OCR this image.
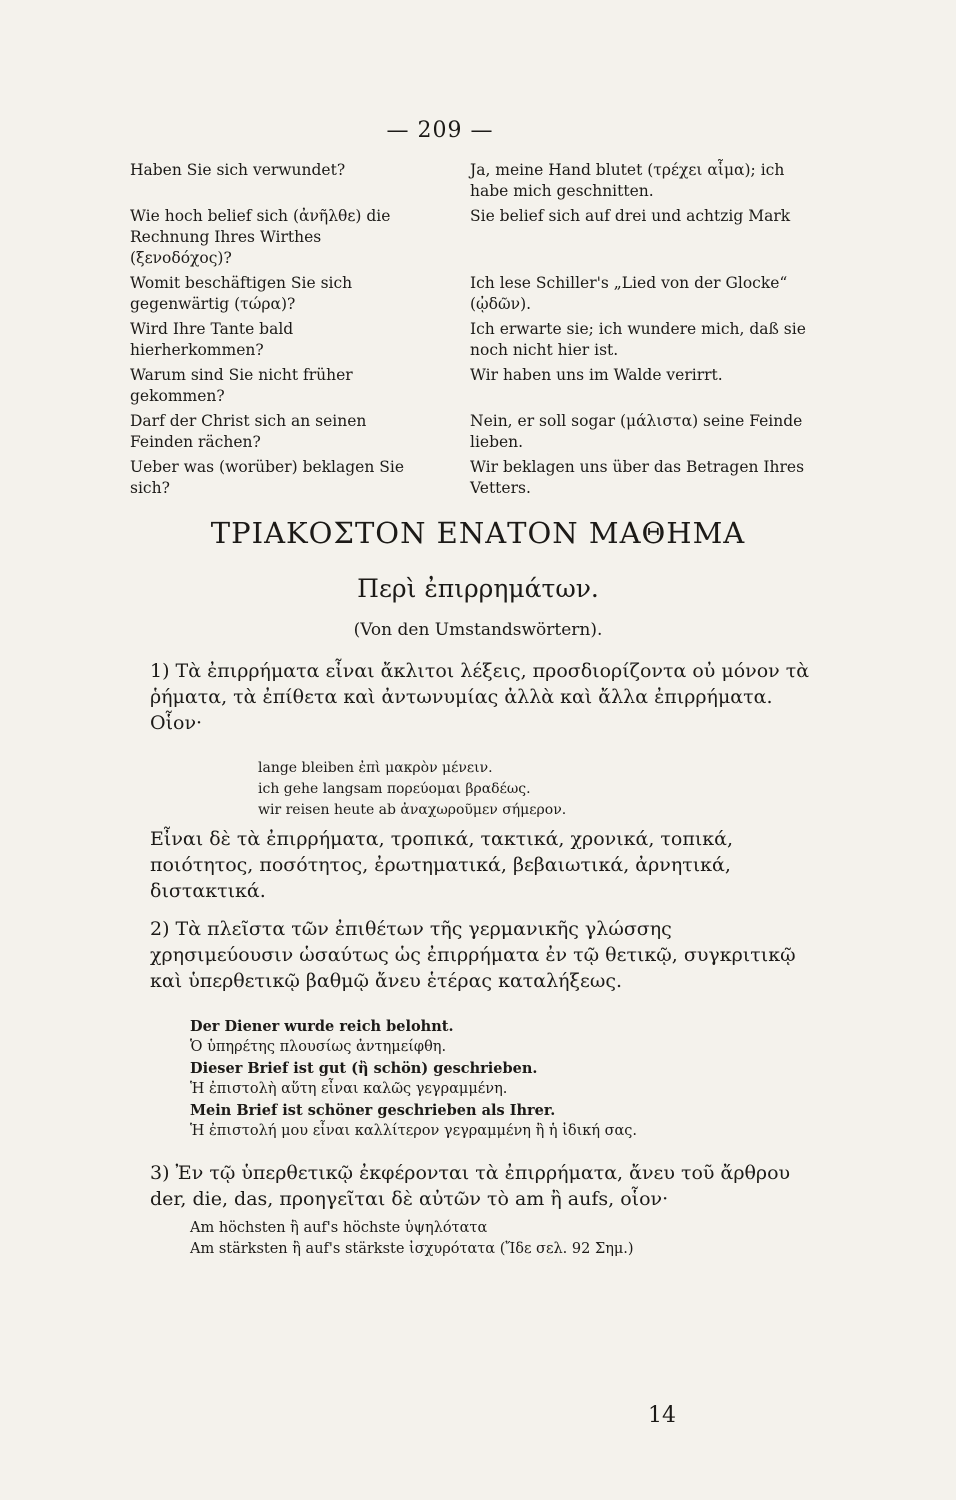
— 209 —
Haben Sie sich verwundet?	Ja, meine Hand blutet (τρέχει αἷμα); ich habe mich geschnitten.
Wie hoch belief sich (ἀνῆλθε) die Rechnung Ihres Wirthes (ξενοδόχος)?
Sie belief sich auf drei und achtzig Mark
Womit beschäftigen Sie sich gegenwärtig (τώρα)?
Ich lese Schiller's „Lied von der Glocke“ (ᾠδῶν).
Wird Ihre Tante bald hierherkommen?
Ich erwarte sie; ich wundere mich, daß sie noch nicht hier ist.
Warum sind Sie nicht früher gekommen?
Wir haben uns im Walde verirrt.
Darf der Christ sich an seinen Feinden rächen?
Nein, er soll sogar (μάλιστα) seine Feinde lieben.
Ueber was (worüber) beklagen Sie sich?
Wir beklagen uns über das Betragen Ihres Vetters.
ΤΡΙΑΚΟΣΤΟΝ ΕΝΑΤΟΝ ΜΑΘΗΜΑ
Περὶ ἐπιρρημάτων.
(Von den Umstandswörtern).

1) Τὰ ἐπιρρήματα εἶναι ἄκλιτοι λέξεις, προσδιορίζοντα οὐ μόνον τὰ ῥήματα, τὰ ἐπίθετα καὶ ἀντωνυμίας ἀλλὰ καὶ ἄλλα ἐπιρρήματα. Οἷον·

lange bleiben ἐπὶ μακρὸν μένειν.
ich gehe langsam πορεύομαι βραδέως.
wir reisen heute ab ἀναχωροῦμεν σήμερον.

Εἶναι δὲ τὰ ἐπιρρήματα, τροπικά, τακτικά, χρονικά, τοπικά, ποιότητος, ποσότητος, ἐρωτηματικά, βεβαιωτικά, ἀρνητικά, διστακτικά.

2) Τὰ πλεῖστα τῶν ἐπιθέτων τῆς γερμανικῆς γλώσσης χρησιμεύουσιν ὡσαύτως ὡς ἐπιρρήματα ἐν τῷ θετικῷ, συγκριτικῷ καὶ ὑπερθετικῷ βαθμῷ ἄνευ ἑτέρας καταλήξεως.

Der Diener wurde reich belohnt.
Ὁ ὑπηρέτης πλουσίως ἀντημείφθη.
Dieser Brief ist gut (ἢ schön) geschrieben.
Ἡ ἐπιστολὴ αὕτη εἶναι καλῶς γεγραμμένη.
Mein Brief ist schöner geschrieben als Ihrer.
Ἡ ἐπιστολή μου εἶναι καλλίτερον γεγραμμένη ἢ ἡ ἰδική σας.

3) Ἐν τῷ ὑπερθετικῷ ἐκφέρονται τὰ ἐπιρρήματα, ἄνευ τοῦ ἄρθρου der, die, das, προηγεῖται δὲ αὐτῶν τὸ am ἢ aufs, οἷον·

Am höchsten ἢ auf's höchste ὑψηλότατα
Am stärksten ἢ auf's stärkste ἰσχυρότατα (Ἴδε σελ. 92 Σημ.)
14
